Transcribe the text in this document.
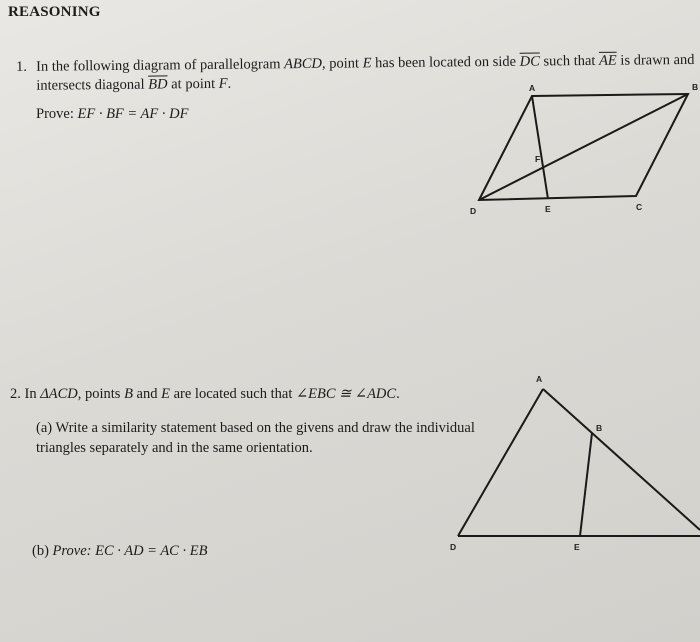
REASONING
1. In the following diagram of parallelogram ABCD, point E has been located on side $\overline{DC}$ such that $\overline{AE}$ is drawn and intersects diagonal $\overline{BD}$ at point F.
Prove: EF · BF = AF · DF
2. In ΔACD, points B and E are located such that ∠EBC ≅ ∠ADC.
(a) Write a similarity statement based on the givens and draw the individual triangles separately and in the same orientation.
(b) Prove: EC · AD = AC · EB
A	B
C
D	E
F
A
B
D	E
